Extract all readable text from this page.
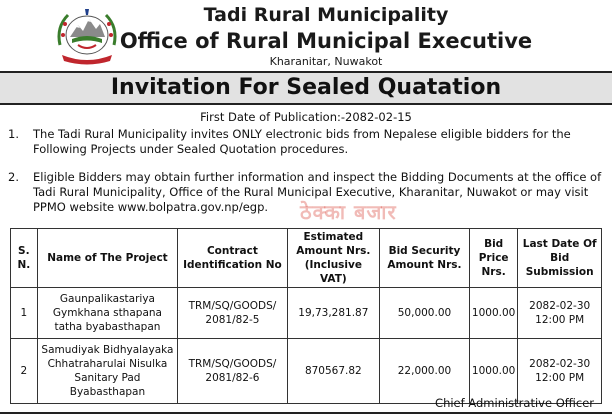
Tadi Rural Municipality
Office of Rural Municipal Executive
Kharanitar, Nuwakot
Invitation For Sealed Quatation
First Date of Publication:-2082-02-15
1. The Tadi Rural Municipality invites ONLY electronic bids from Nepalese eligible bidders for the Following Projects under Sealed Quotation procedures.
2. Eligible Bidders may obtain further information and inspect the Bidding Documents at the office of Tadi Rural Municipality, Office of the Rural Municipal Executive, Kharanitar, Nuwakot or may visit PPMO website www.bolpatra.gov.np/egp.	ठेक्का बजार
S. N.	Name of The Project	Contract Identification No	Estimated Amount Nrs. (Inclusive VAT)	Bid Security Amount Nrs.	Bid Price Nrs.	Last Date Of Bid Submission
1	Gaunpalikastariya Gymkhana sthapana tatha byabasthapan	TRM/SQ/GOODS/ 2081/82-5	19,73,281.87	50,000.00	1000.00	2082-02-30 12:00 PM
2	Samudiyak Bidhyalayaka Chhatraharulai Nisulka Sanitary Pad Byabasthapan	TRM/SQ/GOODS/ 2081/82-6	870567.82	22,000.00	1000.00	2082-02-30 12:00 PM
Chief Administrative Officer
